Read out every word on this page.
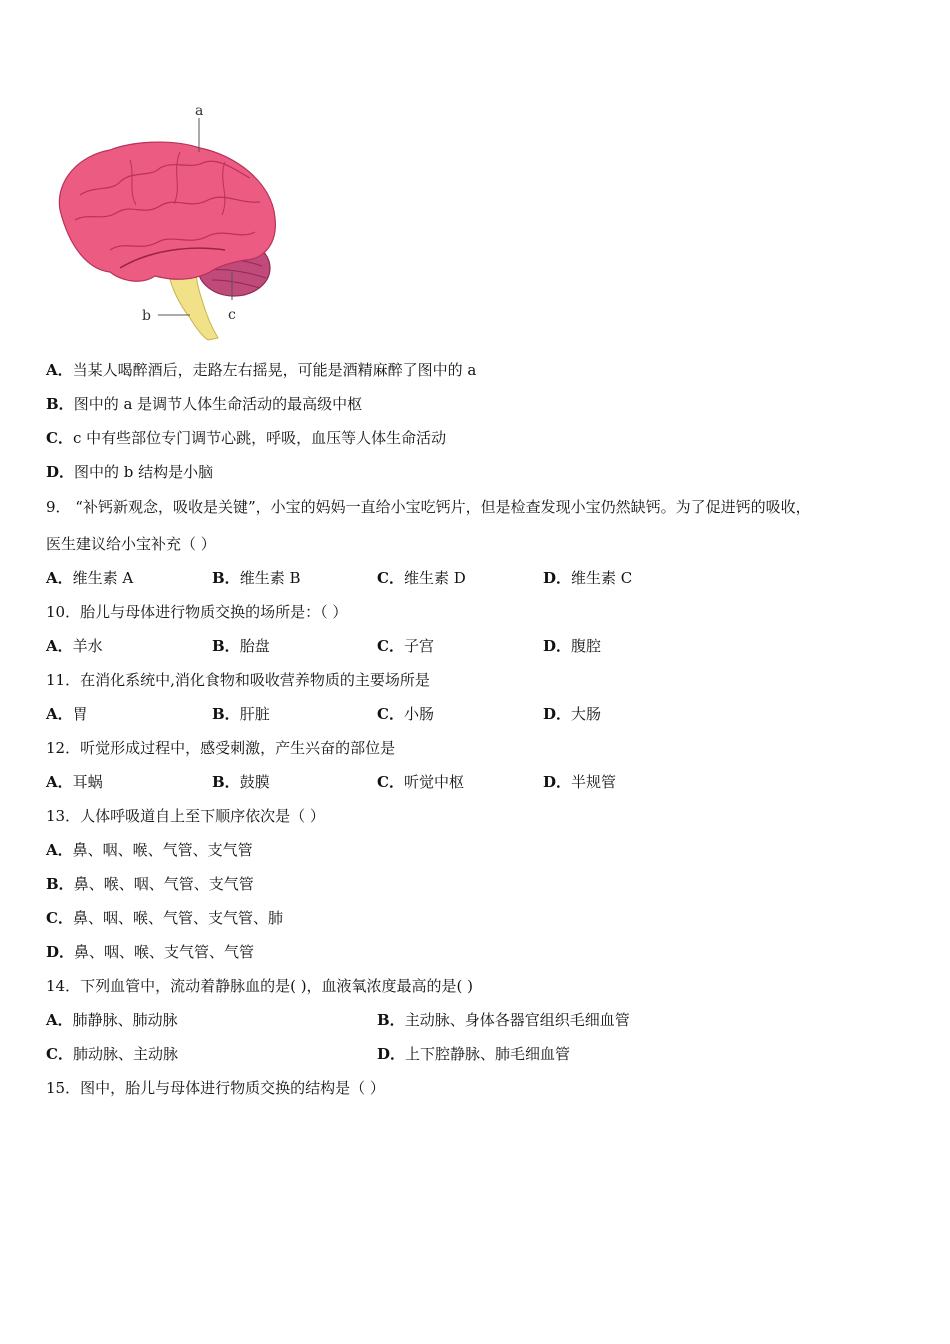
a
b	c
A．当某人喝醉酒后，走路左右摇晃，可能是酒精麻醉了图中的 a
B．图中的 a 是调节人体生命活动的最高级中枢
C．c 中有些部位专门调节心跳，呼吸，血压等人体生命活动
D．图中的 b 结构是小脑
9． “补钙新观念，吸收是关键”，小宝的妈妈一直给小宝吃钙片，但是检查发现小宝仍然缺钙。为了促进钙的吸收，
医生建议给小宝补充（ ）
A．维生素 A	B．维生素 B	C．维生素 D	D．维生素 C
10．胎儿与母体进行物质交换的场所是：（ ）
A．羊水	B．胎盘	C．子宫	D．腹腔
11．在消化系统中,消化食物和吸收营养物质的主要场所是
A．胃	B．肝脏	C．小肠	D．大肠
12．听觉形成过程中，感受刺激，产生兴奋的部位是
A．耳蜗	B．鼓膜	C．听觉中枢	D．半规管
13．人体呼吸道自上至下顺序依次是（ ）
A．鼻、咽、喉、气管、支气管
B．鼻、喉、咽、气管、支气管
C．鼻、咽、喉、气管、支气管、肺
D．鼻、咽、喉、支气管、气管
14．下列血管中，流动着静脉血的是( )，血液氧浓度最高的是( )
A．肺静脉、肺动脉	B．主动脉、身体各器官组织毛细血管
C．肺动脉、主动脉	D．上下腔静脉、肺毛细血管
15．图中，胎儿与母体进行物质交换的结构是（ ）
